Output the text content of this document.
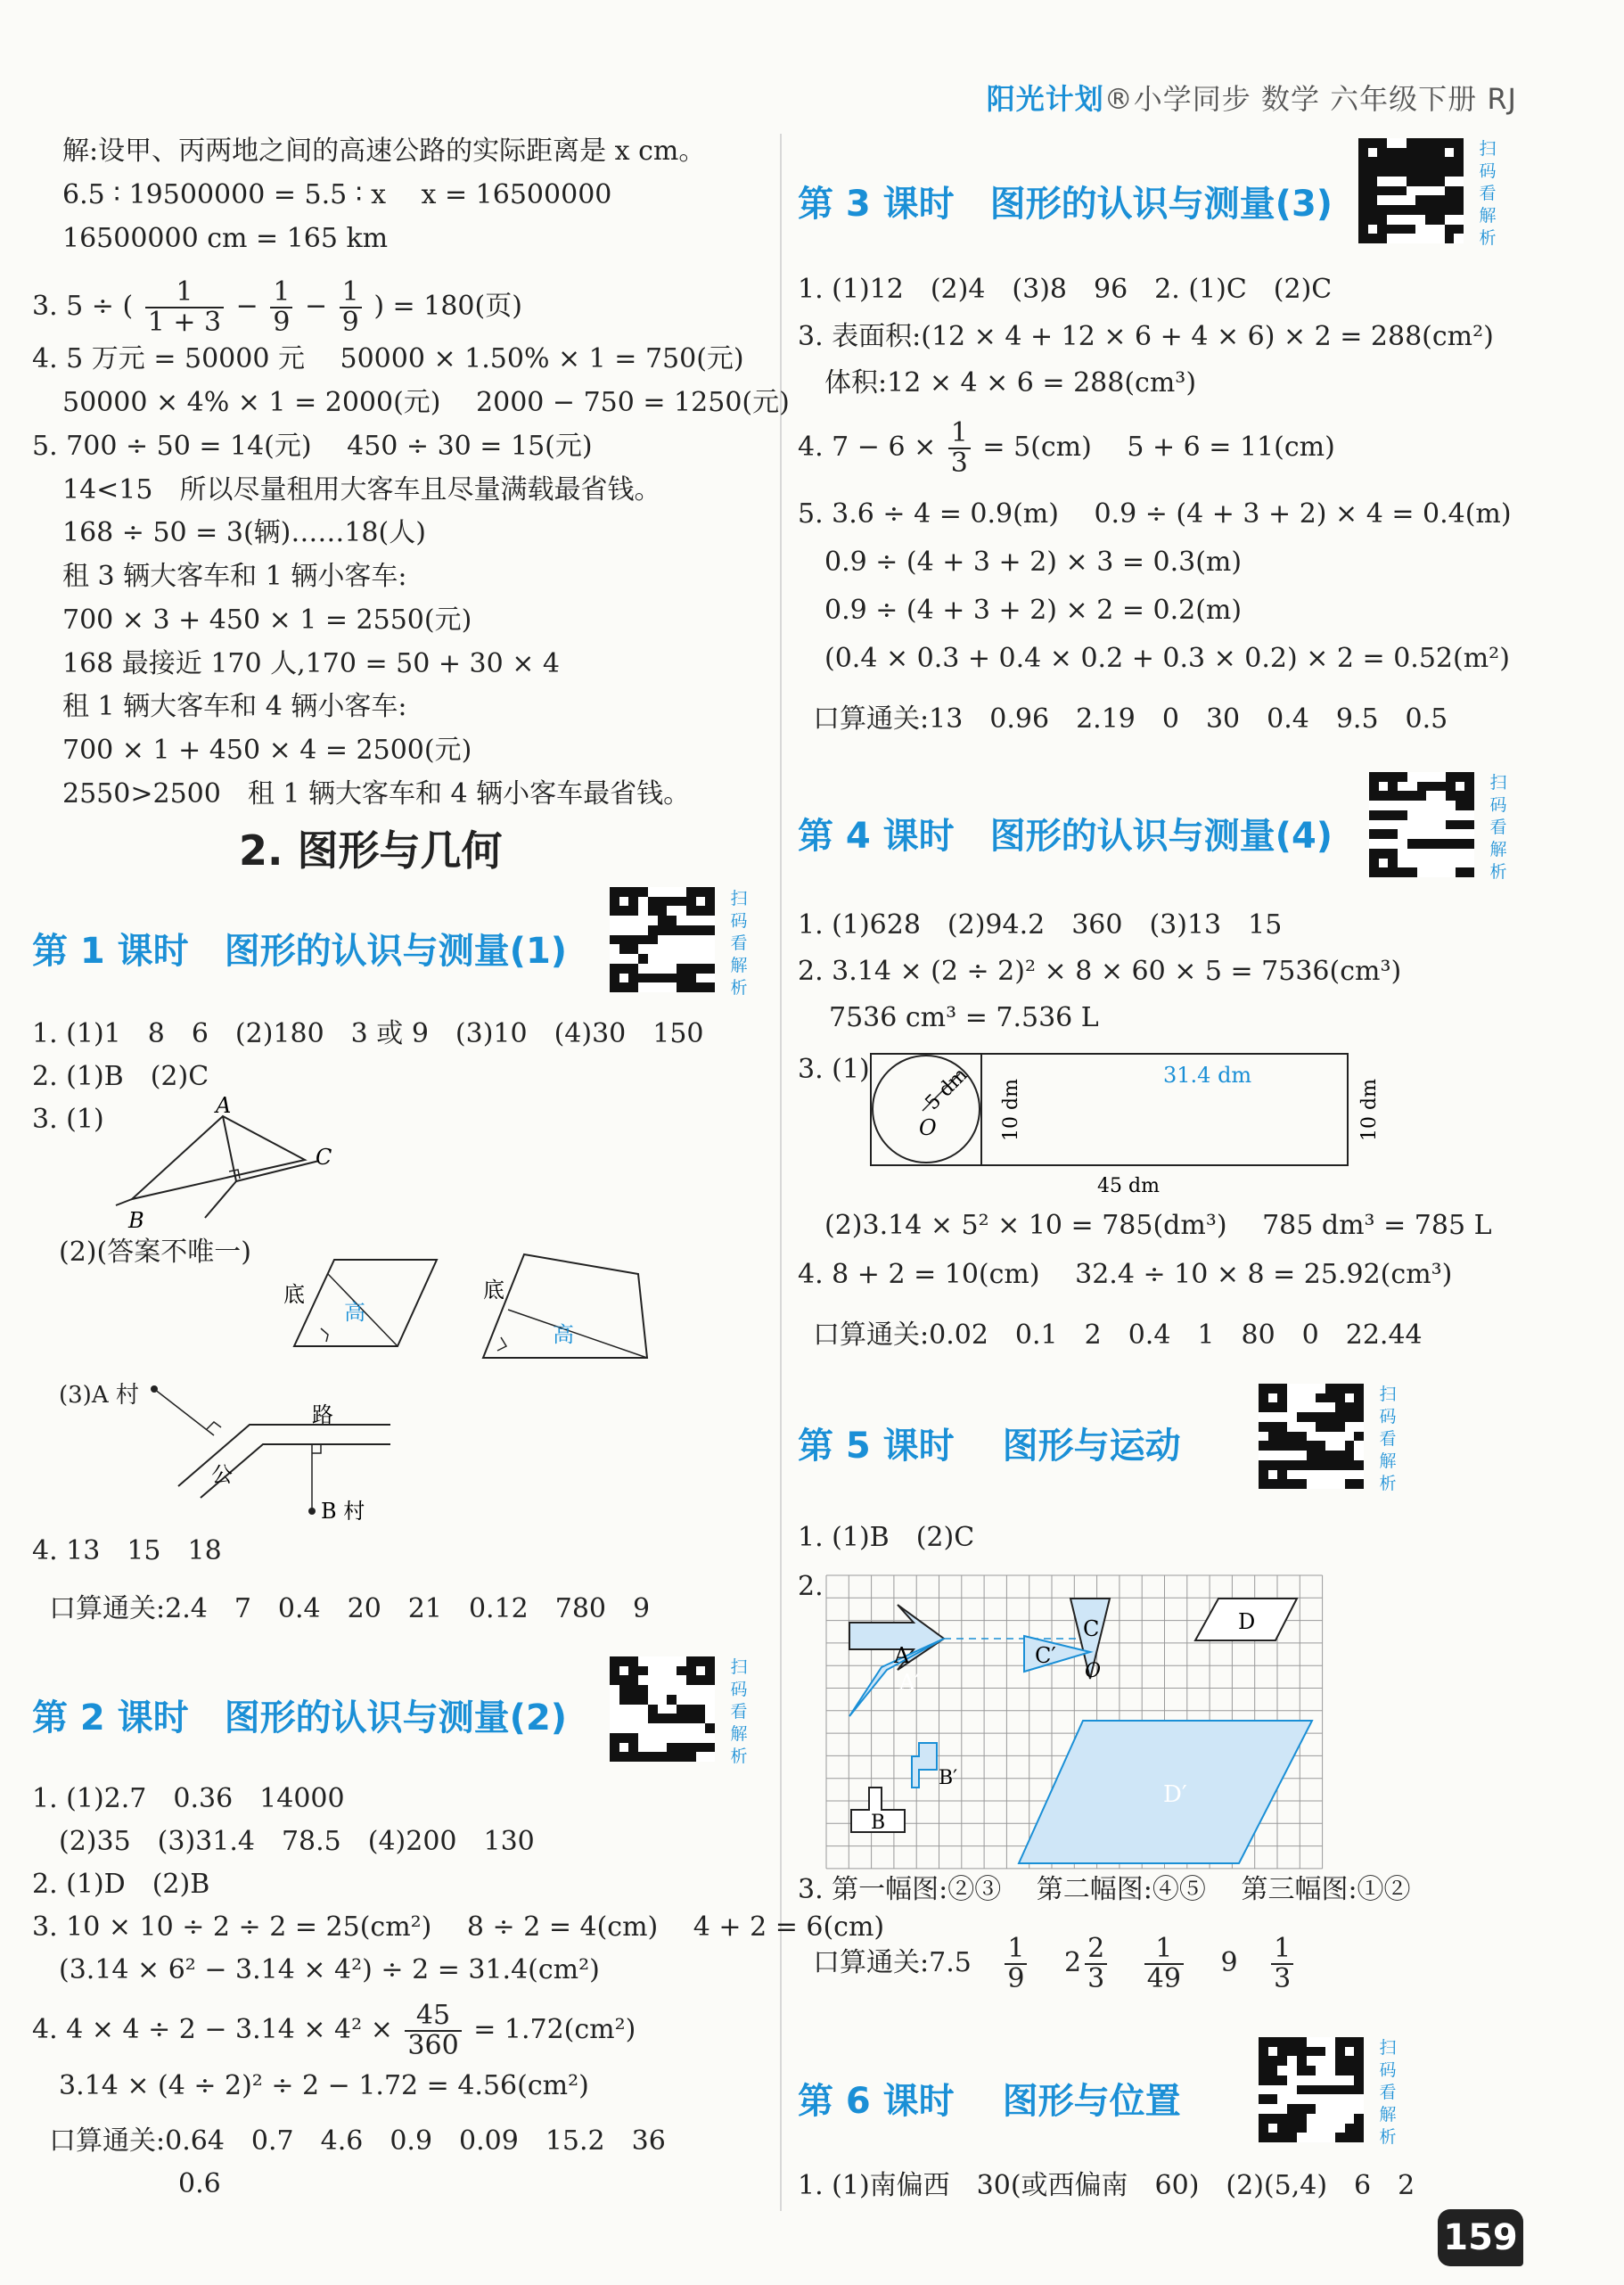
阳光计划®小学同步 数学 六年级下册 RJ
解:设甲、丙两地之间的高速公路的实际距离是 x cm。
6.5 ∶ 19500000 = 5.5 ∶ x　 x = 16500000
16500000 cm = 165 km
3. 5 ÷ ( $\frac{1}{1 + 3} - \frac{1}{9} - \frac{1}{9}$ ) = 180(页)
4. 5 万元 = 50000 元　 50000 × 1.50% × 1 = 750(元)
50000 × 4% × 1 = 2000(元)　 2000 − 750 = 1250(元)
5. 700 ÷ 50 = 14(元)　 450 ÷ 30 = 15(元)
14<15　所以尽量租用大客车且尽量满载最省钱。
168 ÷ 50 = 3(辆)……18(人)
租 3 辆大客车和 1 辆小客车:
700 × 3 + 450 × 1 = 2550(元)
168 最接近 170 人,170 = 50 + 30 × 4
租 1 辆大客车和 4 辆小客车:
700 × 1 + 450 × 4 = 2500(元)
2550>2500　租 1 辆大客车和 4 辆小客车最省钱。
2. 图形与几何
第 1 课时　图形的认识与测量(1)
扫码看解析
1. (1)1　8　6　(2)180　3 或 9　(3)10　(4)30　150
2. (1)B　(2)C
3. (1)	A
B
C
(2)(答案不唯一)
底
高
底
高
(3)A 村
路
公
B 村
4. 13　15　18
口算通关:2.4　7　0.4　20　21　0.12　780　9
第 2 课时　图形的认识与测量(2)
扫码看解析
1. (1)2.7　0.36　14000
(2)35　(3)31.4　78.5　(4)200　130
2. (1)D　(2)B
3. 10 × 10 ÷ 2 ÷ 2 = 25(cm²)　 8 ÷ 2 = 4(cm)　 4 + 2 = 6(cm)
(3.14 × 6² − 3.14 × 4²) ÷ 2 = 31.4(cm²)
4. $4 \times 4 \div 2 - 3.14 \times 4^2 \times \frac{45}{360} = 1.72(cm^2)$
3.14 × (4 ÷ 2)² ÷ 2 − 1.72 = 4.56(cm²)
口算通关:0.64　0.7　4.6　0.9　0.09　15.2　36
0.6
第 3 课时　图形的认识与测量(3)
扫码看解析
1. (1)12　(2)4　(3)8　96　2. (1)C　(2)C
3. 表面积:(12 × 4 + 12 × 6 + 4 × 6) × 2 = 288(cm²)
体积:12 × 4 × 6 = 288(cm³)
4. $7 - 6 \times \frac{1}{3} = 5(cm)$　 5 + 6 = 11(cm)
5. 3.6 ÷ 4 = 0.9(m)　 0.9 ÷ (4 + 3 + 2) × 4 = 0.4(m)
0.9 ÷ (4 + 3 + 2) × 3 = 0.3(m)
0.9 ÷ (4 + 3 + 2) × 2 = 0.2(m)
(0.4 × 0.3 + 0.4 × 0.2 + 0.3 × 0.2) × 2 = 0.52(m²)
口算通关:13　0.96　2.19　0　30　0.4　9.5　0.5
第 4 课时　图形的认识与测量(4)
扫码看解析
1. (1)628　(2)94.2　360　(3)13　15
2. 3.14 × (2 ÷ 2)² × 8 × 60 × 5 = 7536(cm³)
7536 cm³ = 7.536 L
3. (1)
O
5 dm 10 dm
31.4 dm
10 dm
45 dm
(2)3.14 × 5² × 10 = 785(dm³)　 785 dm³ = 785 L
4. 8 + 2 = 10(cm)　 32.4 ÷ 10 × 8 = 25.92(cm³)
口算通关:0.02　0.1　2　0.4　1　80　0　22.44
第 5 课时　 图形与运动
扫码看解析
1. (1)B　(2)C
2.
A
A′
C
C′
O
D
D′
B′
B
3. 第一幅图:②③　 第二幅图:④⑤　 第三幅图:①②
口算通关:7.5 $\frac{1}{9} 2 \frac{2}{3}$
$\frac{1}{49} 9 \frac{1}{3}$
第 6 课时　 图形与位置
扫码看解析
1. (1)南偏西　30(或西偏南　60)　(2)(5,4)　6　2
159
